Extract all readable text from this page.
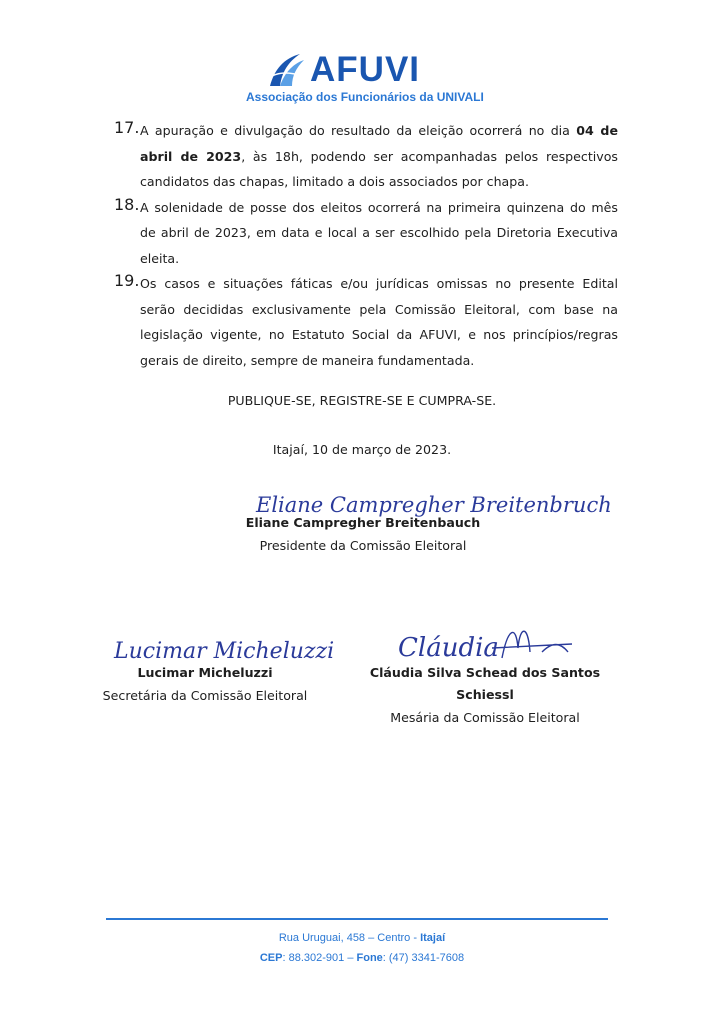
AFUVI
Associação dos Funcionários da UNIVALI
17. A apuração e divulgação do resultado da eleição ocorrerá no dia 04 de abril de 2023, às 18h, podendo ser acompanhadas pelos respectivos candidatos das chapas, limitado a dois associados por chapa.

18. A solenidade de posse dos eleitos ocorrerá na primeira quinzena do mês de abril de 2023, em data e local a ser escolhido pela Diretoria Executiva eleita.

19. Os casos e situações fáticas e/ou jurídicas omissas no presente Edital serão decididas exclusivamente pela Comissão Eleitoral, com base na legislação vigente, no Estatuto Social da AFUVI, e nos princípios/regras gerais de direito, sempre de maneira fundamentada.

PUBLIQUE-SE, REGISTRE-SE E CUMPRA-SE.
Itajaí, 10 de março de 2023.
Eliane Campregher Breitenbruch
Eliane Campregher Breitenbauch
Presidente da Comissão Eleitoral
Lucimar Micheluzzi
Lucimar Micheluzzi
Secretária da Comissão Eleitoral
Cláudia
Cláudia Silva Schead dos Santos Schiessl
Mesária da Comissão Eleitoral
Rua Uruguai, 458 – Centro - Itajaí
CEP: 88.302-901 – Fone: (47) 3341-7608
